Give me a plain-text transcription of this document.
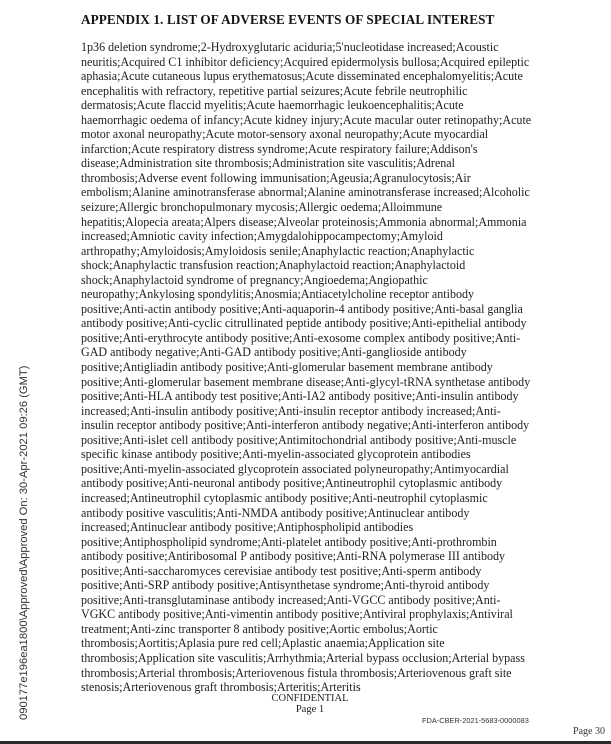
APPENDIX 1. LIST OF ADVERSE EVENTS OF SPECIAL INTEREST
1p36 deletion syndrome;2-Hydroxyglutaric aciduria;5'nucleotidase increased;Acoustic
neuritis;Acquired C1 inhibitor deficiency;Acquired epidermolysis bullosa;Acquired epileptic
aphasia;Acute cutaneous lupus erythematosus;Acute disseminated encephalomyelitis;Acute
encephalitis with refractory, repetitive partial seizures;Acute febrile neutrophilic
dermatosis;Acute flaccid myelitis;Acute haemorrhagic leukoencephalitis;Acute
haemorrhagic oedema of infancy;Acute kidney injury;Acute macular outer retinopathy;Acute
motor axonal neuropathy;Acute motor-sensory axonal neuropathy;Acute myocardial
infarction;Acute respiratory distress syndrome;Acute respiratory failure;Addison's
disease;Administration site thrombosis;Administration site vasculitis;Adrenal
thrombosis;Adverse event following immunisation;Ageusia;Agranulocytosis;Air
embolism;Alanine aminotransferase abnormal;Alanine aminotransferase increased;Alcoholic
seizure;Allergic bronchopulmonary mycosis;Allergic oedema;Alloimmune
hepatitis;Alopecia areata;Alpers disease;Alveolar proteinosis;Ammonia abnormal;Ammonia
increased;Amniotic cavity infection;Amygdalohippocampectomy;Amyloid
arthropathy;Amyloidosis;Amyloidosis senile;Anaphylactic reaction;Anaphylactic
shock;Anaphylactic transfusion reaction;Anaphylactoid reaction;Anaphylactoid
shock;Anaphylactoid syndrome of pregnancy;Angioedema;Angiopathic
neuropathy;Ankylosing spondylitis;Anosmia;Antiacetylcholine receptor antibody
positive;Anti-actin antibody positive;Anti-aquaporin-4 antibody positive;Anti-basal ganglia
antibody positive;Anti-cyclic citrullinated peptide antibody positive;Anti-epithelial antibody
positive;Anti-erythrocyte antibody positive;Anti-exosome complex antibody positive;Anti-
GAD antibody negative;Anti-GAD antibody positive;Anti-ganglioside antibody
positive;Antigliadin antibody positive;Anti-glomerular basement membrane antibody
positive;Anti-glomerular basement membrane disease;Anti-glycyl-tRNA synthetase antibody
positive;Anti-HLA antibody test positive;Anti-IA2 antibody positive;Anti-insulin antibody
increased;Anti-insulin antibody positive;Anti-insulin receptor antibody increased;Anti-
insulin receptor antibody positive;Anti-interferon antibody negative;Anti-interferon antibody
positive;Anti-islet cell antibody positive;Antimitochondrial antibody positive;Anti-muscle
specific kinase antibody positive;Anti-myelin-associated glycoprotein antibodies
positive;Anti-myelin-associated glycoprotein associated polyneuropathy;Antimyocardial
antibody positive;Anti-neuronal antibody positive;Antineutrophil cytoplasmic antibody
increased;Antineutrophil cytoplasmic antibody positive;Anti-neutrophil cytoplasmic
antibody positive vasculitis;Anti-NMDA antibody positive;Antinuclear antibody
increased;Antinuclear antibody positive;Antiphospholipid antibodies
positive;Antiphospholipid syndrome;Anti-platelet antibody positive;Anti-prothrombin
antibody positive;Antiribosomal P antibody positive;Anti-RNA polymerase III antibody
positive;Anti-saccharomyces cerevisiae antibody test positive;Anti-sperm antibody
positive;Anti-SRP antibody positive;Antisynthetase syndrome;Anti-thyroid antibody
positive;Anti-transglutaminase antibody increased;Anti-VGCC antibody positive;Anti-
VGKC antibody positive;Anti-vimentin antibody positive;Antiviral prophylaxis;Antiviral
treatment;Anti-zinc transporter 8 antibody positive;Aortic embolus;Aortic
thrombosis;Aortitis;Aplasia pure red cell;Aplastic anaemia;Application site
thrombosis;Application site vasculitis;Arrhythmia;Arterial bypass occlusion;Arterial bypass
thrombosis;Arterial thrombosis;Arteriovenous fistula thrombosis;Arteriovenous graft site
stenosis;Arteriovenous graft thrombosis;Arteritis;Arteritis
090177e196ea1800\Approved\Approved On: 30-Apr-2021 09:26 (GMT)	CONFIDENTIAL
Page 1
FDA-CBER-2021-5683-0000083
Page 30
